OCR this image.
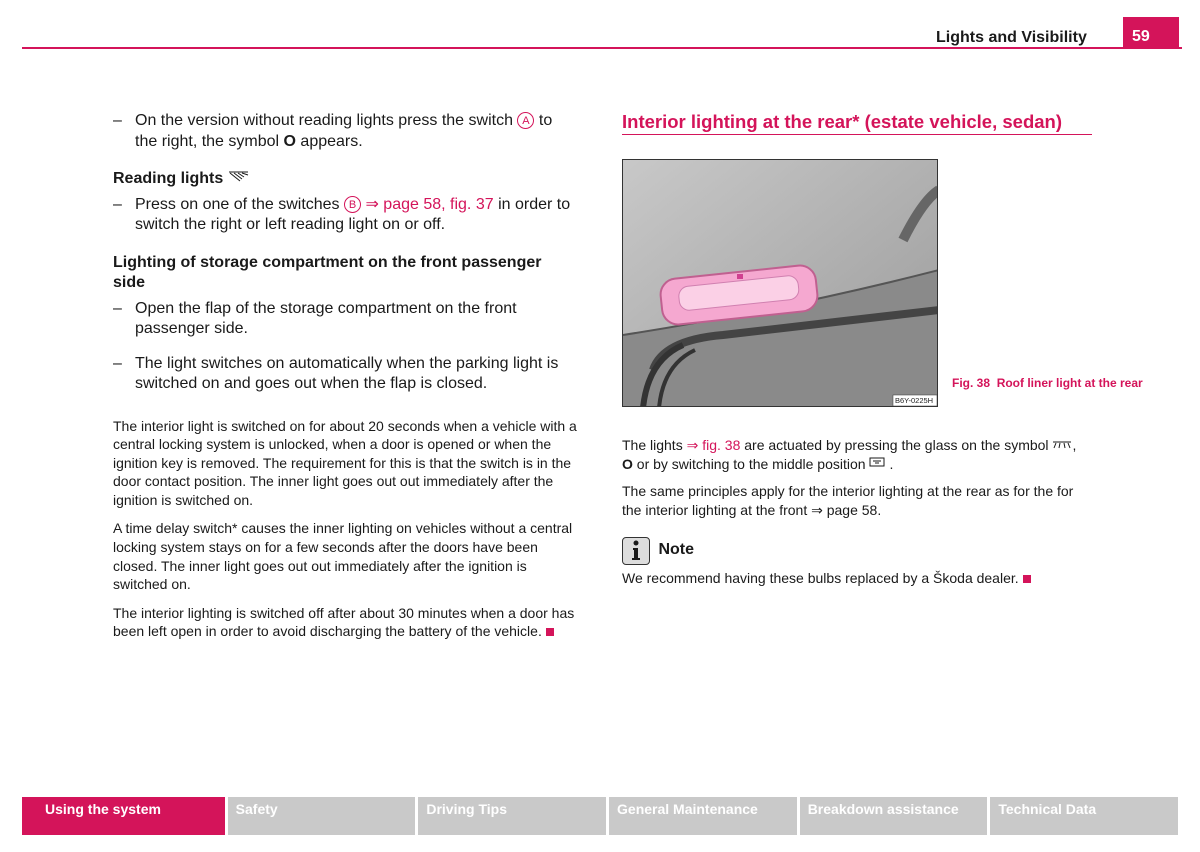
Lights and Visibility	59
– On the version without reading lights press the switch A to
the right, the symbol O appears.
Reading lights
– Press on one of the switches B ⇒ page 58, fig. 37 in order to switch the right or left reading light on or off.
Lighting of storage compartment on the front passenger side
– Open the flap of the storage compartment on the front passenger side.
– The light switches on automatically when the parking light is switched on and goes out when the flap is closed.
The interior light is switched on for about 20 seconds when a vehicle with a central locking system is unlocked, when a door is opened or when the ignition key is removed. The requirement for this is that the switch is in the door contact position. The inner light goes out out immediately after the ignition is switched on.
A time delay switch* causes the inner lighting on vehicles without a central locking system stays on for a few seconds after the doors have been closed. The inner light goes out out immediately after the ignition is switched on.
The interior lighting is switched off after about 30 minutes when a door has been left open in order to avoid discharging the battery of the vehicle.
Interior lighting at the rear* (estate vehicle, sedan)
B6Y-0225H
Fig. 38 Roof liner light at the rear
The lights ⇒ fig. 38 are actuated by pressing the glass on the symbol ,
O or by switching to the middle position .
The same principles apply for the interior lighting at the rear as for the for the interior lighting at the front ⇒ page 58.
Note
We recommend having these bulbs replaced by a Škoda dealer.
Using the system	Safety	Driving Tips	General Maintenance	Breakdown assistance	Technical Data
